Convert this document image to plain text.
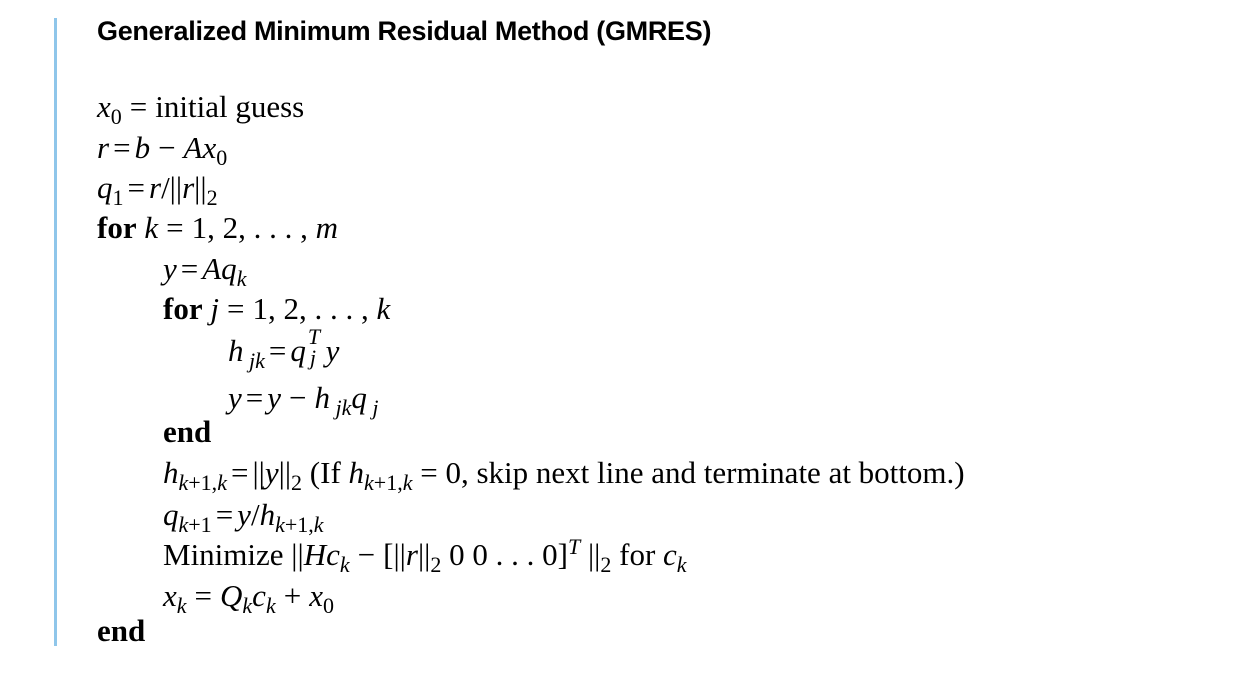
Generalized Minimum Residual Method (GMRES)
$x_0$ = initial guess
$r = b - Ax_0$
$q_1 = r/||r||_2$
for k = 1, 2, . . . , m
$y = Aq_k$
for j = 1, 2, . . . , k
h $_{jk}$ = q T
j y
y = y − h $_{jk}$q $_j$
end
$h_{k+1,k} = ||y||_2$ (If $h_{k+1,k} = 0$, skip next line and terminate at bottom.)
$q_{k+1} = y/h_{k+1,k}$
Minimize $||Hc_k - [||r||_2$ 0 0 . . . 0]$^T$ $||_2$ for $c_k$
$x_k = Q_kc_k + x_0$
end
